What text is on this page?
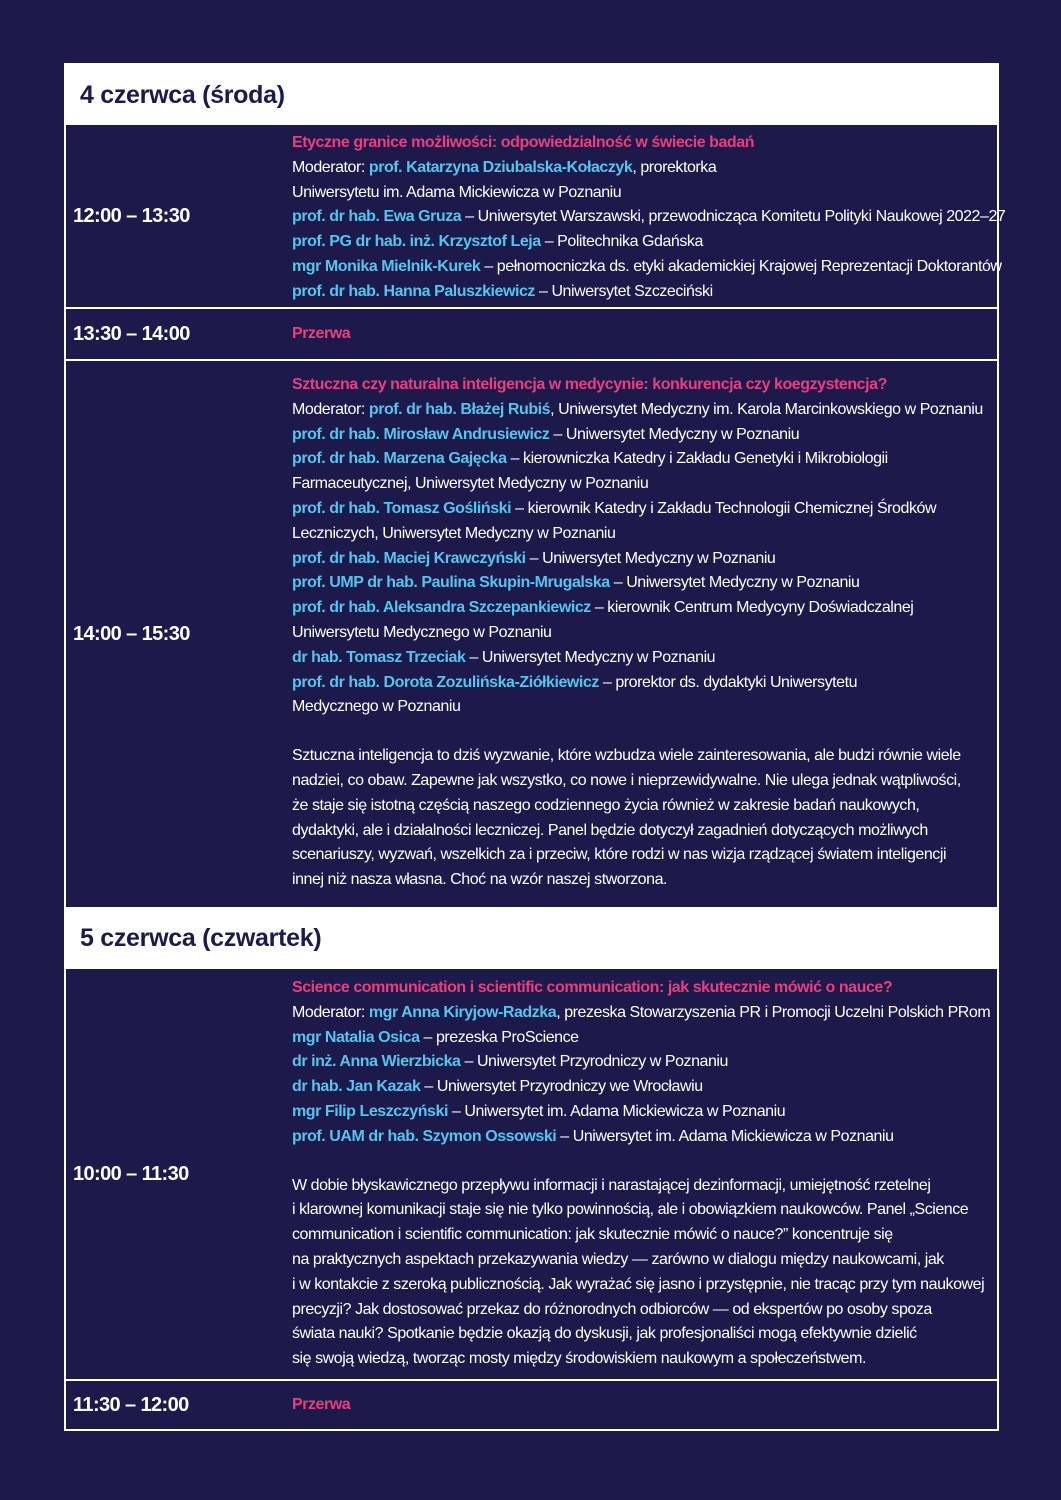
4 czerwca (środa)
12:00 – 13:30
Etyczne granice możliwości: odpowiedzialność w świecie badań
Moderator: prof. Katarzyna Dziubalska-Kołaczyk, prorektorka
Uniwersytetu im. Adama Mickiewicza w Poznaniu
prof. dr hab. Ewa Gruza – Uniwersytet Warszawski, przewodnicząca Komitetu Polityki Naukowej 2022–27
prof. PG dr hab. inż. Krzysztof Leja – Politechnika Gdańska
mgr Monika Mielnik-Kurek – pełnomocniczka ds. etyki akademickiej Krajowej Reprezentacji Doktorantów
prof. dr hab. Hanna Paluszkiewicz – Uniwersytet Szczeciński
13:30 – 14:00	Przerwa
14:00 – 15:30
Sztuczna czy naturalna inteligencja w medycynie: konkurencja czy koegzystencja?
Moderator: prof. dr hab. Błażej Rubiś, Uniwersytet Medyczny im. Karola Marcinkowskiego w Poznaniu
prof. dr hab. Mirosław Andrusiewicz – Uniwersytet Medyczny w Poznaniu
prof. dr hab. Marzena Gajęcka – kierowniczka Katedry i Zakładu Genetyki i Mikrobiologii
Farmaceutycznej, Uniwersytet Medyczny w Poznaniu
prof. dr hab. Tomasz Gośliński – kierownik Katedry i Zakładu Technologii Chemicznej Środków
Leczniczych, Uniwersytet Medyczny w Poznaniu
prof. dr hab. Maciej Krawczyński – Uniwersytet Medyczny w Poznaniu
prof. UMP dr hab. Paulina Skupin-Mrugalska – Uniwersytet Medyczny w Poznaniu
prof. dr hab. Aleksandra Szczepankiewicz – kierownik Centrum Medycyny Doświadczalnej
Uniwersytetu Medycznego w Poznaniu
dr hab. Tomasz Trzeciak – Uniwersytet Medyczny w Poznaniu
prof. dr hab. Dorota Zozulińska-Ziółkiewicz – prorektor ds. dydaktyki Uniwersytetu
Medycznego w Poznaniu
Sztuczna inteligencja to dziś wyzwanie, które wzbudza wiele zainteresowania, ale budzi równie wiele
nadziei, co obaw. Zapewne jak wszystko, co nowe i nieprzewidywalne. Nie ulega jednak wątpliwości,
że staje się istotną częścią naszego codziennego życia również w zakresie badań naukowych,
dydaktyki, ale i działalności leczniczej. Panel będzie dotyczył zagadnień dotyczących możliwych
scenariuszy, wyzwań, wszelkich za i przeciw, które rodzi w nas wizja rządzącej światem inteligencji
innej niż nasza własna. Choć na wzór naszej stworzona.
5 czerwca (czwartek)
10:00 – 11:30
Science communication i scientific communication: jak skutecznie mówić o nauce?
Moderator: mgr Anna Kiryjow-Radzka, prezeska Stowarzyszenia PR i Promocji Uczelni Polskich PRom
mgr Natalia Osica – prezeska ProScience
dr inż. Anna Wierzbicka – Uniwersytet Przyrodniczy w Poznaniu
dr hab. Jan Kazak – Uniwersytet Przyrodniczy we Wrocławiu
mgr Filip Leszczyński – Uniwersytet im. Adama Mickiewicza w Poznaniu
prof. UAM dr hab. Szymon Ossowski – Uniwersytet im. Adama Mickiewicza w Poznaniu
W dobie błyskawicznego przepływu informacji i narastającej dezinformacji, umiejętność rzetelnej
i klarownej komunikacji staje się nie tylko powinnością, ale i obowiązkiem naukowców. Panel „Science
communication i scientific communication: jak skutecznie mówić o nauce?” koncentruje się
na praktycznych aspektach przekazywania wiedzy — zarówno w dialogu między naukowcami, jak
i w kontakcie z szeroką publicznością. Jak wyrażać się jasno i przystępnie, nie tracąc przy tym naukowej
precyzji? Jak dostosować przekaz do różnorodnych odbiorców — od ekspertów po osoby spoza
świata nauki? Spotkanie będzie okazją do dyskusji, jak profesjonaliści mogą efektywnie dzielić
się swoją wiedzą, tworząc mosty między środowiskiem naukowym a społeczeństwem.
11:30 – 12:00	Przerwa
